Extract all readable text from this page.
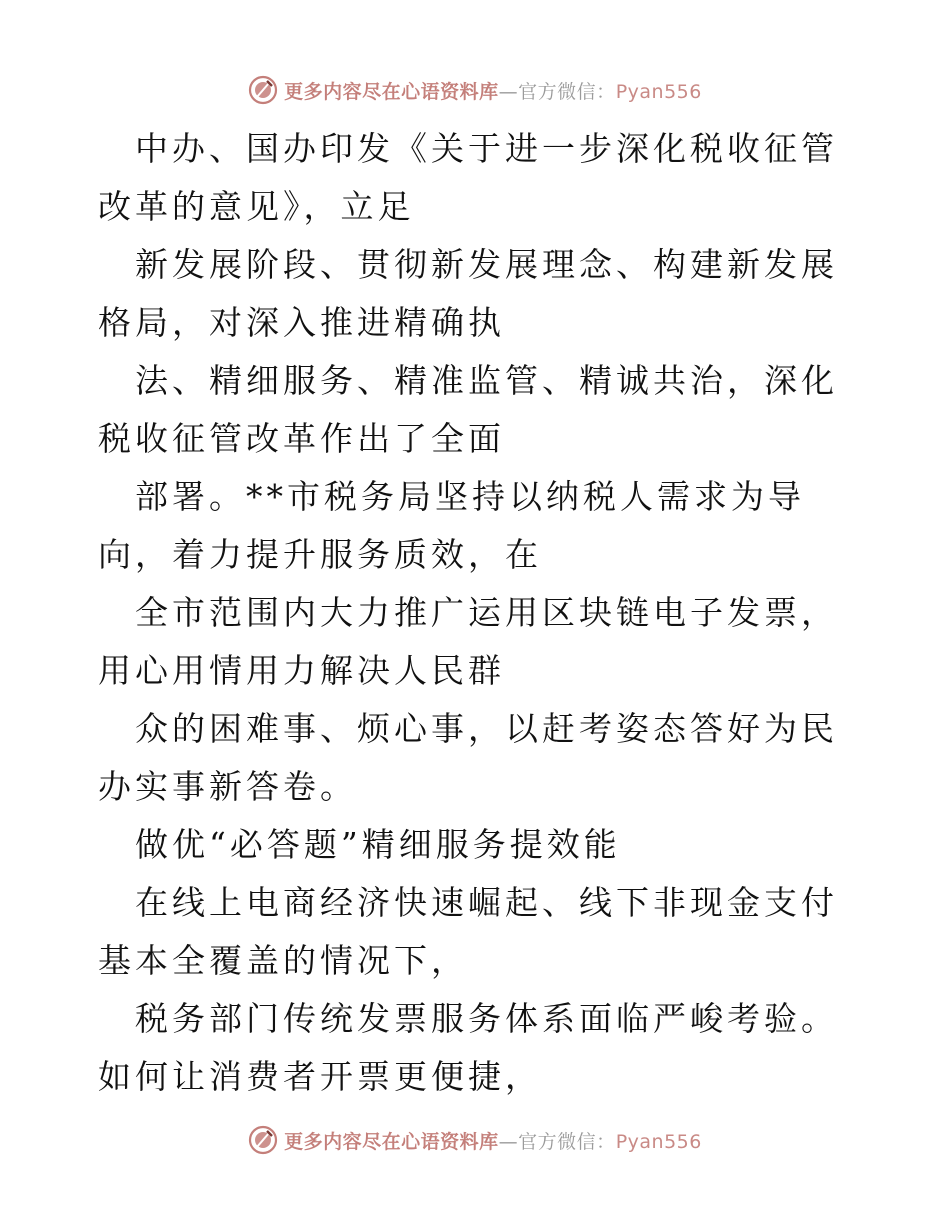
更多内容尽在心语资料库—官方微信：Pyan556

中办、国办印发《关于进一步深化税收征管改革的意见》，立足

新发展阶段、贯彻新发展理念、构建新发展格局，对深入推进精确执

法、精细服务、精准监管、精诚共治，深化税收征管改革作出了全面

部署。**市税务局坚持以纳税人需求为导向，着力提升服务质效，在

全市范围内大力推广运用区块链电子发票，用心用情用力解决人民群

众的困难事、烦心事，以赶考姿态答好为民办实事新答卷。

做优“必答题”精细服务提效能

在线上电商经济快速崛起、线下非现金支付基本全覆盖的情况下，

税务部门传统发票服务体系面临严峻考验。如何让消费者开票更便捷，

更多内容尽在心语资料库—官方微信：Pyan556
